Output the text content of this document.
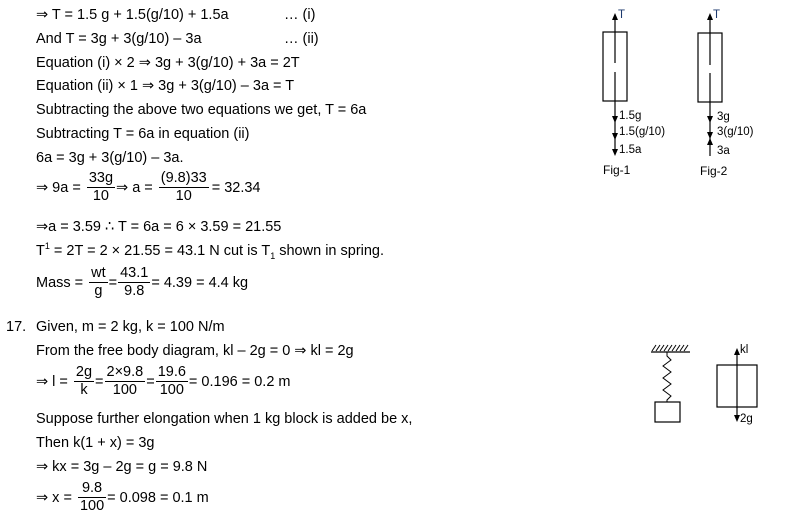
⇒ T = 1.5 g + 1.5(g/10) + 1.5a	… (i)
And T = 3g + 3(g/10) – 3a	… (ii)
Equation (i) × 2 ⇒ 3g + 3(g/10) + 3a = 2T
Equation (ii) × 1 ⇒ 3g + 3(g/10) – 3a = T
Subtracting the above two equations we get, T = 6a
Subtracting T = 6a in equation (ii)
6a = 3g + 3(g/10) – 3a.
⇒ $9a = \frac{33g}{10}$ ⇒ $a = \frac{(9.8)33}{10} = 32.34$
⇒a = 3.59 ∴ T = 6a = 6 × 3.59 = 21.55
$T^1 = 2T = 2 \times 21.55 = 43.1$ N cut is $T_1$ shown in spring.
Mass = $\frac{wt}{g} = \frac{43.1}{9.8} = 4.39 = 4.4$ kg
17. Given, m = 2 kg, k = 100 N/m
From the free body diagram, kl – 2g = 0 ⇒ kl = 2g
⇒ $l = \frac{2g}{k} = \frac{2\times 9.8}{100} = \frac{19.6}{100} = 0.196 = 0.2$ m
Suppose further elongation when 1 kg block is added be x,
Then k(1 + x) = 3g
⇒ kx = 3g – 2g = g = 9.8 N
⇒ $x = \frac{9.8}{100} = 0.098 = 0.1$ m
T
1.5g
1.5(g/10)
1.5a
Fig-1
T
3g
3(g/10)
3a
Fig-2
kl
2g
